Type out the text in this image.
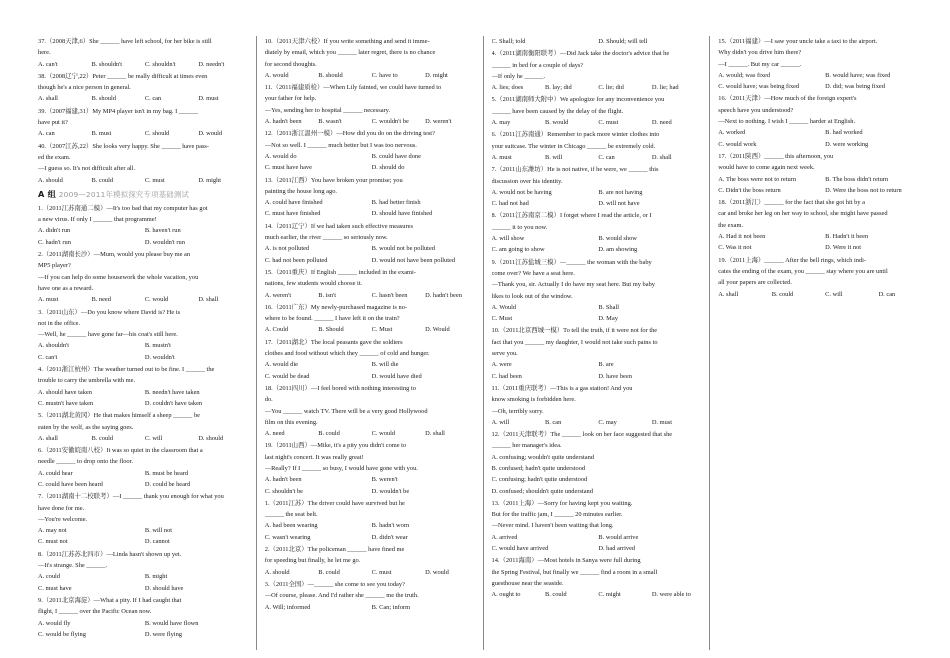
37.（2008天津,6）She ______ have left school, for her bike is still
here.
A. can't	B. shouldn't	C. shouldn't	D. needn't
38.（2008辽宁,22）Peter ______ be really difficult at times even
though he's a nice person in general.
A. shall	B. should	C. can	D. must
39.（2007福建,31）My MP4 player isn't in my bag. I ______
have put it?
A. can	B. must	C. should	D. would
40.（2007江苏,22）She looks very happy. She ______ have pass-
ed the exam.
—I guess so. It's not difficult after all.
A. should	B. could	C. must	D. might
A 组 2009—2011年模拟探究专项基础测试
1.（2011江苏南通二模）—It's too bad that my computer has got
a new virus. If only I ______ that programme!
A. didn't run	B. haven't run
C. hadn't run	D. wouldn't run
2.（2011湖南长沙）—Mum, would you please buy me an
MP5 player?
—If you can help do some housework the whole vacation, you
have one as a reward.
A. must	B. need	C. would	D. shall
3.（2011山东）—Do you know where David is? He is
not in the office.
—Well, he ______ have gone far—his coat's still here.
A. shouldn't	B. mustn't
C. can't	D. wouldn't
4.（2011浙江杭州）The weather turned out to be fine. I ______ the
trouble to carry the umbrella with me.
A. should have taken	B. needn't have taken
C. mustn't have taken	D. couldn't have taken
5.（2011湖北黄冈）He that makes himself a sheep ______ be
eaten by the wolf, as the saying goes.
A. shall	B. could	C. will	D. should
6.（2011安徽皖南八校）It was so quiet in the classroom that a
needle ______ to drop onto the floor.
A. could hear	B. must be heard
C. could have been heard	D. could be heard
7.（2011湖南十二校联考）—I ______ thank you enough for what you
have done for me.
—You're welcome.
A. may not	B. will not
C. must not	D. cannot
8.（2011江苏苏北四市）—Linda hasn't shown up yet.
—It's strange. She ______.
A. could	B. might
C. must have	D. should have
9.（2011北京海淀）—What a pity. If I had caught that
flight, I ______ over the Pacific Ocean now.
A. would fly	B. would have flown
C. would be flying	D. were flying
10.（2011天津六校）If you write something and send it imme-
diately by email, which you ______ later regret, there is no chance
for second thoughts.
A. would	B. should	C. have to	D. might
11.（2011福建质检）—When Lily fainted, we could have turned to
your father for help.
—Yes, sending her to hospital ______ necessary.
A. hadn't been	B. wasn't	C. wouldn't be	D. weren't
12.（2011浙江温州一模）—How did you do on the driving test?
—Not so well. I ______ much better but I was too nervous.
A. would do	B. could have done
C. must have have	D. should do
13.（2011江西）You have broken your promise; you
painting the house long ago.
A. could have finished	B. had better finish
C. must have finished	D. should have finished
14.（2011辽宁）If we had taken such effective measures
much earlier, the river ______ so seriously now.
A. is not polluted	B. would not be polluted
C. had not been polluted	D. would not have been polluted
15.（2011重庆）If English ______ included in the exami-
nations, few students would choose it.
A. weren't	B. isn't	C. hasn't been	D. hadn't been
16.（2011广东）My newly-purchased magazine is no-
where to be found. ______ I have left it on the train?
A. Could	B. Should	C. Must	D. Would
17.（2011湖北）The local peasants gave the soldiers
clothes and food without which they ______ of cold and hunger.
A. would die	B. will die
C. would be dead	D. would have died
18.（2011四川）—I feel bored with nothing interesting to
do.
—You ______ watch TV. There will be a very good Hollywood
film on this evening.
A. need	B. could	C. would	D. shall
19.（2011山西）—Mike, it's a pity you didn't come to
last night's concert. It was really great!
—Really? If I ______ so busy, I would have gone with you.
A. hadn't been	B. weren't
C. shouldn't be	D. wouldn't be
1.（2011江苏）The driver could have survived but he
______ the seat belt.
A. had been wearing	B. hadn't worn
C. wasn't wearing	D. didn't wear
2.（2011北京）The policeman ______ have fined me
for speeding but finally, he let me go.
A. should	B. could	C. must	D. would
3.（2011全国）—______ she come to see you today?
—Of course, please. And I'd rather she ______ me the truth.
A. Will; informed	B. Can; inform
C. Shall; told	D. Should; will tell
4.（2011湖南衡阳联考）—Did Jack take the doctor's advice that he
______ in bed for a couple of days?
—If only he ______.
A. lies; does	B. lay; did	C. lie; did	D. lie; had
5.（2011湖南师大附中）We apologize for any inconvenience you
______ have been caused by the delay of the flight.
A. may	B. would	C. must	D. need
6.（2011江苏南通）Remember to pack more winter clothes into
your suitcase. The winter in Chicago ______ be extremely cold.
A. must	B. will	C. can	D. shall
7.（2011山东潍坊）He is not native, if he were, we ______ this
discussion over his identity.
A. would not be having	B. are not having
C. had not had	D. will not have
8.（2011江苏南京二模）I forget where I read the article, or I
______ it to you now.
A. will show	B. would show
C. am going to show	D. am showing
9.（2011江苏盐城三模）—______ the woman with the baby
come over? We have a seat here.
—Thank you, sir. Actually I do have my seat here. But my baby
likes to look out of the window.
A. Would	B. Shall
C. Must	D. May
10.（2011北京西城一模）To tell the truth, if it were not for the
fact that you ______ my daughter, I would not take such pains to
serve you.
A. were	B. are
C. had been	D. have been
11.（2011重庆联考）—This is a gas station! And you
know smoking is forbidden here.
—Oh, terribly sorry.
A. will	B. can	C. may	D. must
12.（2011天津联考）The ______ look on her face suggested that she
______ her manager's idea.
A. confusing; wouldn't quite understand
B. confused; hadn't quite understood
C. confusing; hadn't quite understood
D. confused; shouldn't quite understand
13.（2011上海）—Sorry for having kept you waiting.
But for the traffic jam, I ______ 20 minutes earlier.
—Never mind. I haven't been waiting that long.
A. arrived	B. would arrive
C. would have arrived	D. had arrived
14.（2011海南）—Most hotels in Sanya were full during
the Spring Festival, but finally we ______ find a room in a small
guesthouse near the seaside.
A. ought to	B. could	C. might	D. were able to
15.（2011福建）—I saw your uncle take a taxi to the airport.
Why didn't you drive him there?
—I ______. But my car ______.
A. would; was fixed	B. would have; was fixed
C. would have; was being fixed	D. did; was being fixed
16.（2011天津）—How much of the foreign expert's
speech have you understood?
—Next to nothing. I wish I ______ harder at English.
A. worked	B. had worked
C. would work	D. were working
17.（2011陕西）______ this afternoon, you
would have to come again next week.
A. The boss were not to return	B. The boss didn't return
C. Didn't the boss return	D. Were the boss not to return
18.（2011浙江）______ for the fact that she got hit by a
car and broke her leg on her way to school, she might have passed
the exam.
A. Had it not been	B. Hadn't it been
C. Was it not	D. Were it not
19.（2011上海）______ After the bell rings, which indi-
cates the ending of the exam, you ______ stay where you are until
all your papers are collected.
A. shall	B. could	C. will	D. can
